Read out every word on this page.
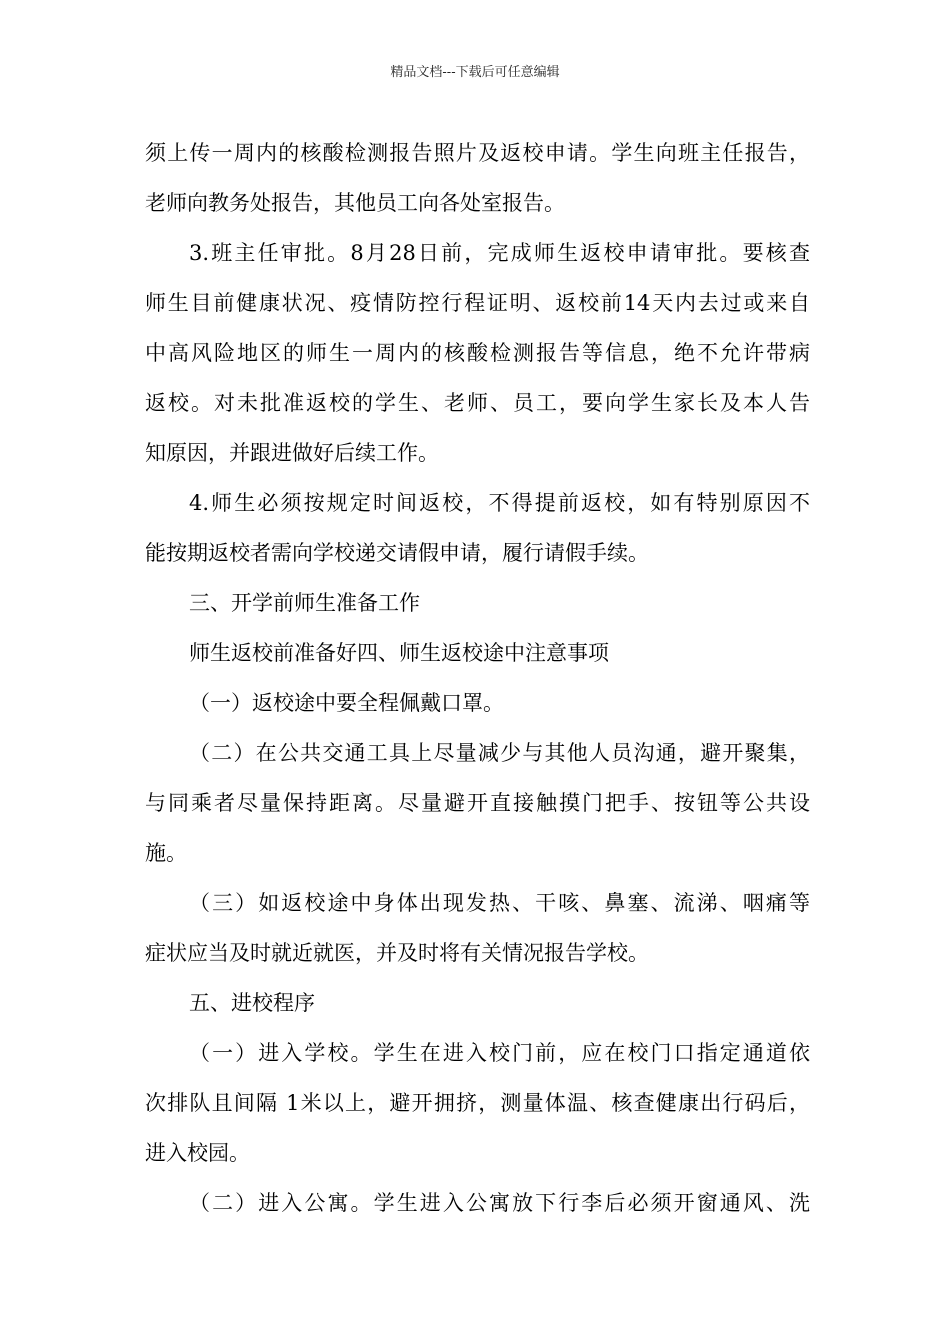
精品文档---下载后可任意编辑
须上传一周内的核酸检测报告照片及返校申请。学生向班主任报告，
老师向教务处报告，其他员工向各处室报告。
3.班主任审批。8月28日前，完成师生返校申请审批。要核查
师生目前健康状况、疫情防控行程证明、返校前14天内去过或来自
中高风险地区的师生一周内的核酸检测报告等信息，绝不允许带病
返校。对未批准返校的学生、老师、员工，要向学生家长及本人告
知原因，并跟进做好后续工作。
4.师生必须按规定时间返校，不得提前返校，如有特别原因不
能按期返校者需向学校递交请假申请，履行请假手续。
三、开学前师生准备工作
师生返校前准备好四、师生返校途中注意事项
（一）返校途中要全程佩戴口罩。
（二）在公共交通工具上尽量减少与其他人员沟通，避开聚集，
与同乘者尽量保持距离。尽量避开直接触摸门把手、按钮等公共设
施。
（三）如返校途中身体出现发热、干咳、鼻塞、流涕、咽痛等
症状应当及时就近就医，并及时将有关情况报告学校。
五、进校程序
（一）进入学校。学生在进入校门前，应在校门口指定通道依
次排队且间隔 1米以上，避开拥挤，测量体温、核查健康出行码后，
进入校园。
（二）进入公寓。学生进入公寓放下行李后必须开窗通风、洗
